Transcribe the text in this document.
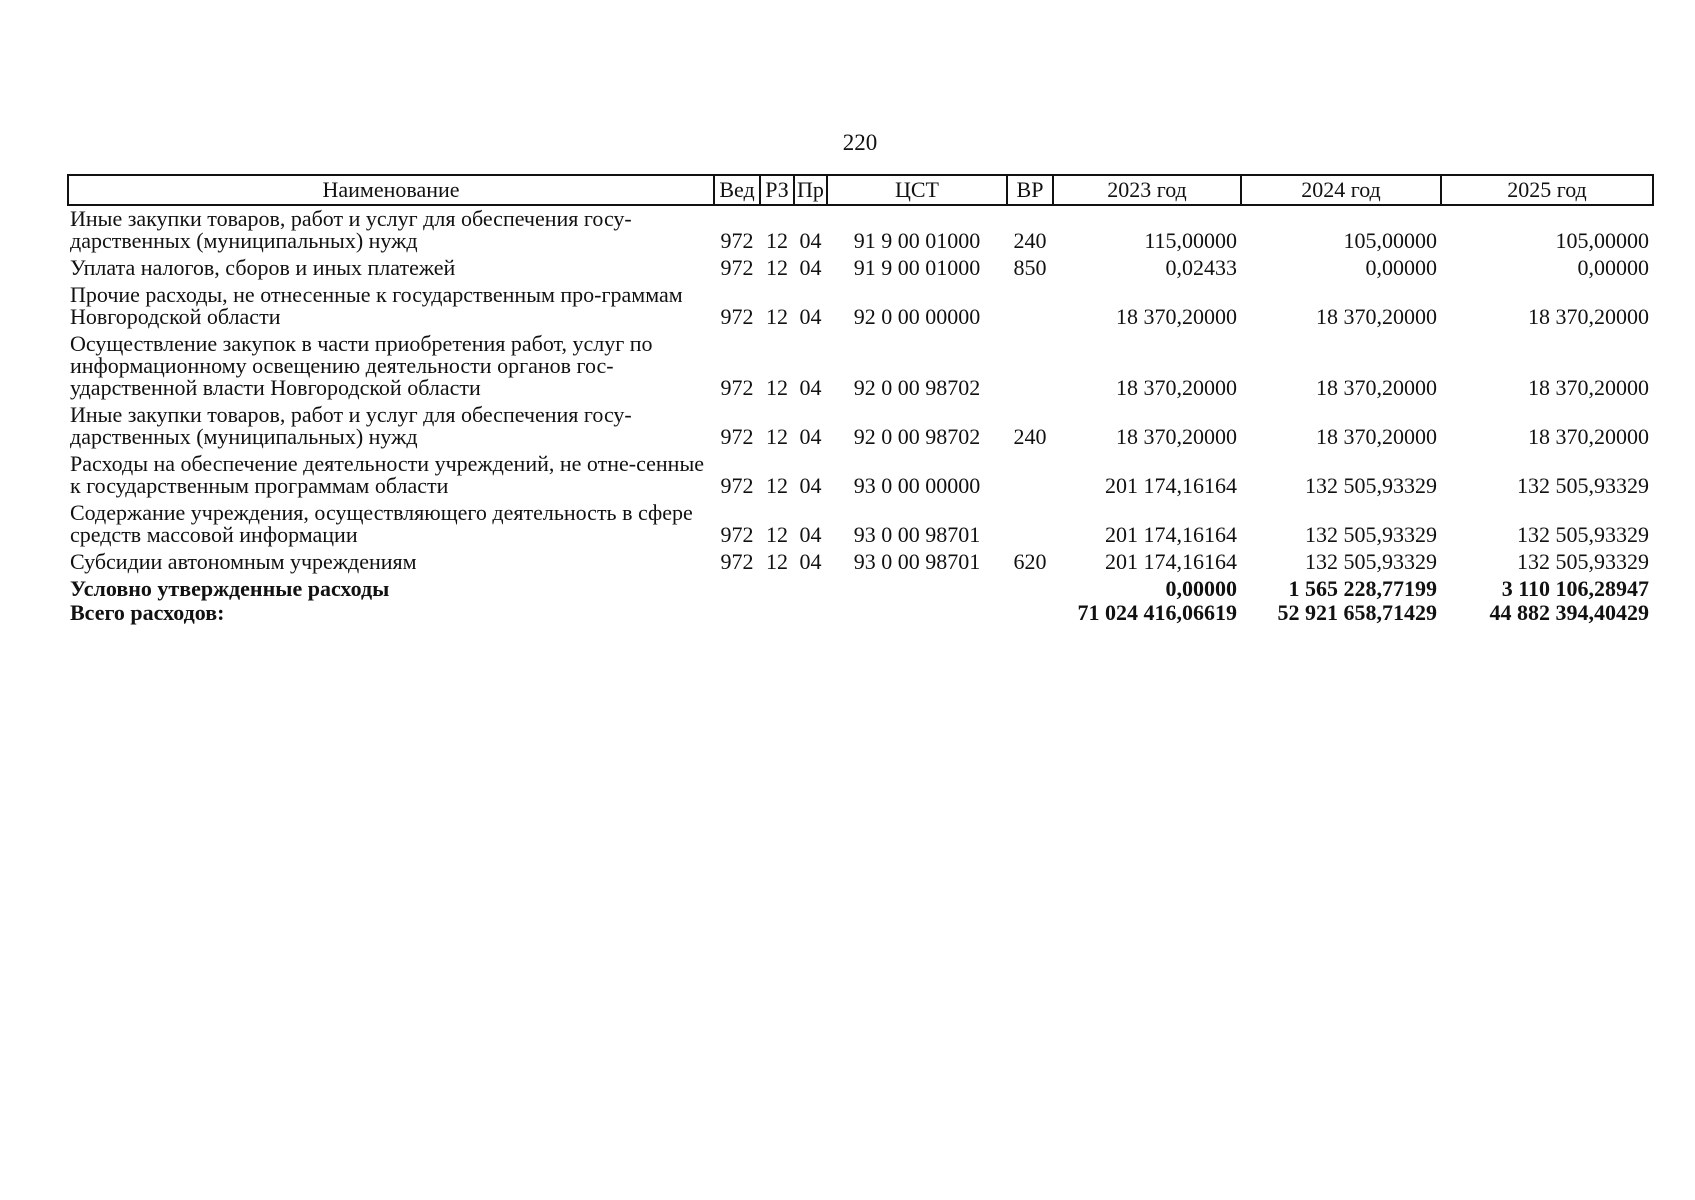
220
Наименование	Вед	РЗ	Пр	ЦСТ	ВР	2023 год	2024 год	2025 год
Иные закупки товаров, работ и услуг для обеспечения госу-дарственных (муниципальных) нужд	972	12	04	91 9 00 01000	240	115,00000	105,00000	105,00000
Уплата налогов, сборов и иных платежей	972	12	04	91 9 00 01000	850	0,02433	0,00000	0,00000
Прочие расходы, не отнесенные к государственным про-граммам Новгородской области	972	12	04	92 0 00 00000		18 370,20000	18 370,20000	18 370,20000
Осуществление закупок в части приобретения работ, услуг по информационному освещению деятельности органов гос-ударственной власти Новгородской области	972	12	04	92 0 00 98702		18 370,20000	18 370,20000	18 370,20000
Иные закупки товаров, работ и услуг для обеспечения госу-дарственных (муниципальных) нужд	972	12	04	92 0 00 98702	240	18 370,20000	18 370,20000	18 370,20000
Расходы на обеспечение деятельности учреждений, не отне-сенные к государственным программам области	972	12	04	93 0 00 00000		201 174,16164	132 505,93329	132 505,93329
Содержание учреждения, осуществляющего деятельность в сфере средств массовой информации	972	12	04	93 0 00 98701		201 174,16164	132 505,93329	132 505,93329
Субсидии автономным учреждениям	972	12	04	93 0 00 98701	620	201 174,16164	132 505,93329	132 505,93329
Условно утвержденные расходы						0,00000	1 565 228,77199	3 110 106,28947
Всего расходов:						71 024 416,06619	52 921 658,71429	44 882 394,40429
